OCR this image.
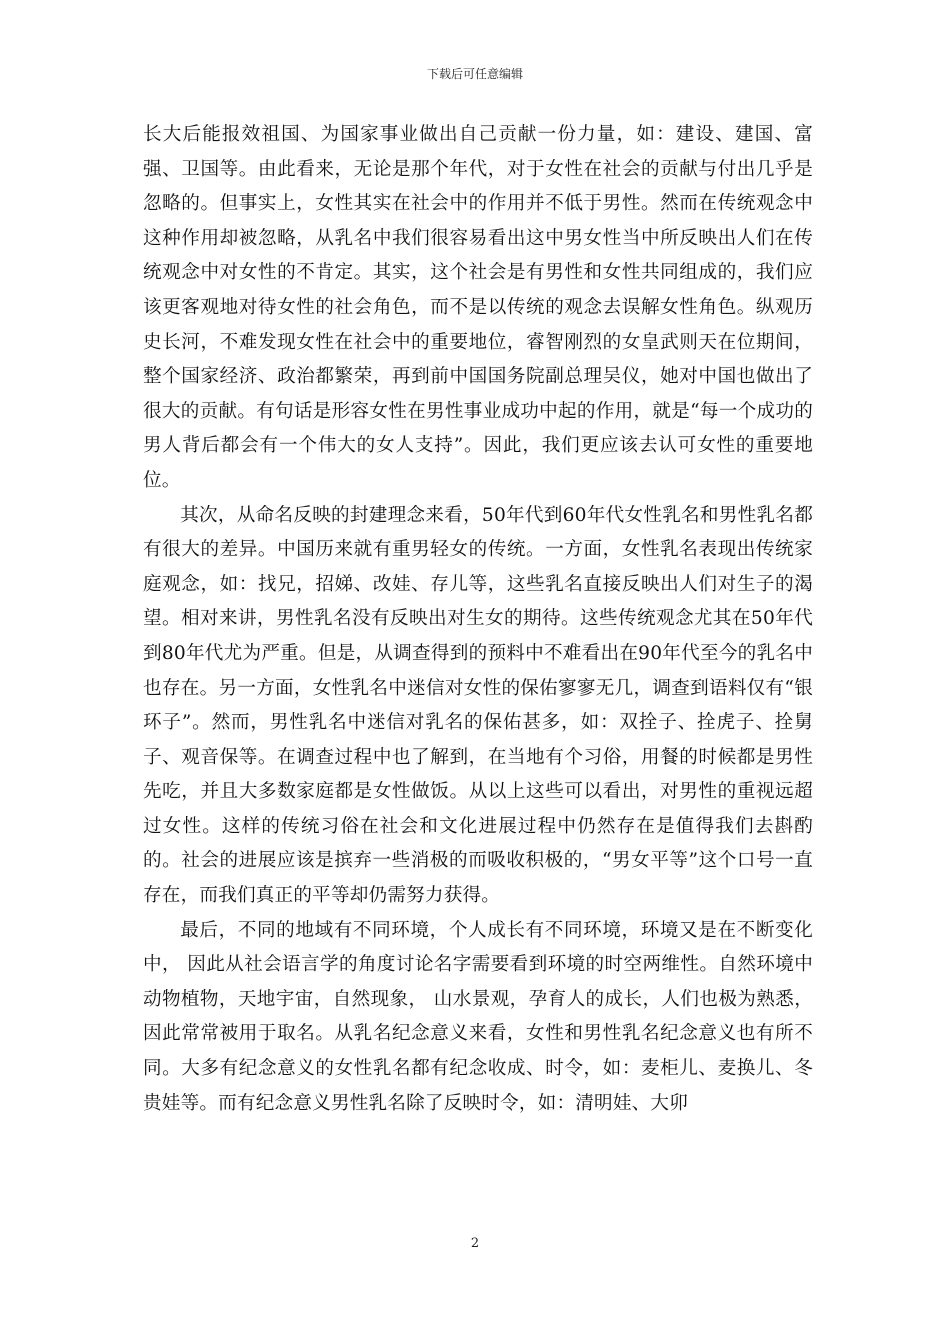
下载后可任意编辑

长大后能报效祖国、为国家事业做出自己贡献一份力量，如：建设、建国、富强、卫国等。由此看来，无论是那个年代，对于女性在社会的贡献与付出几乎是忽略的。但事实上，女性其实在社会中的作用并不低于男性。然而在传统观念中这种作用却被忽略，从乳名中我们很容易看出这中男女性当中所反映出人们在传统观念中对女性的不肯定。其实，这个社会是有男性和女性共同组成的，我们应该更客观地对待女性的社会角色，而不是以传统的观念去误解女性角色。纵观历史长河，不难发现女性在社会中的重要地位，睿智刚烈的女皇武则天在位期间，整个国家经济、政治都繁荣，再到前中国国务院副总理吴仪，她对中国也做出了很大的贡献。有句话是形容女性在男性事业成功中起的作用，就是“每一个成功的男人背后都会有一个伟大的女人支持”。因此，我们更应该去认可女性的重要地位。

其次，从命名反映的封建理念来看，50年代到60年代女性乳名和男性乳名都有很大的差异。中国历来就有重男轻女的传统。一方面，女性乳名表现出传统家庭观念，如：找兄，招娣、改娃、存儿等，这些乳名直接反映出人们对生子的渴望。相对来讲，男性乳名没有反映出对生女的期待。这些传统观念尤其在50年代到80年代尤为严重。但是，从调查得到的预料中不难看出在90年代至今的乳名中也存在。另一方面，女性乳名中迷信对女性的保佑寥寥无几，调查到语料仅有“银环子”。然而，男性乳名中迷信对乳名的保佑甚多，如：双拴子、拴虎子、拴舅子、观音保等。在调查过程中也了解到，在当地有个习俗，用餐的时候都是男性先吃，并且大多数家庭都是女性做饭。从以上这些可以看出，对男性的重视远超过女性。这样的传统习俗在社会和文化进展过程中仍然存在是值得我们去斟酌的。社会的进展应该是摈弃一些消极的而吸收积极的，“男女平等”这个口号一直存在，而我们真正的平等却仍需努力获得。

最后，不同的地域有不同环境，个人成长有不同环境，环境又是在不断变化中， 因此从社会语言学的角度讨论名字需要看到环境的时空两维性。自然环境中动物植物，天地宇宙，自然现象， 山水景观，孕育人的成长，人们也极为熟悉，因此常常被用于取名。从乳名纪念意义来看，女性和男性乳名纪念意义也有所不同。大多有纪念意义的女性乳名都有纪念收成、时令，如：麦柜儿、麦换儿、冬贵娃等。而有纪念意义男性乳名除了反映时令，如：清明娃、大卯

2
